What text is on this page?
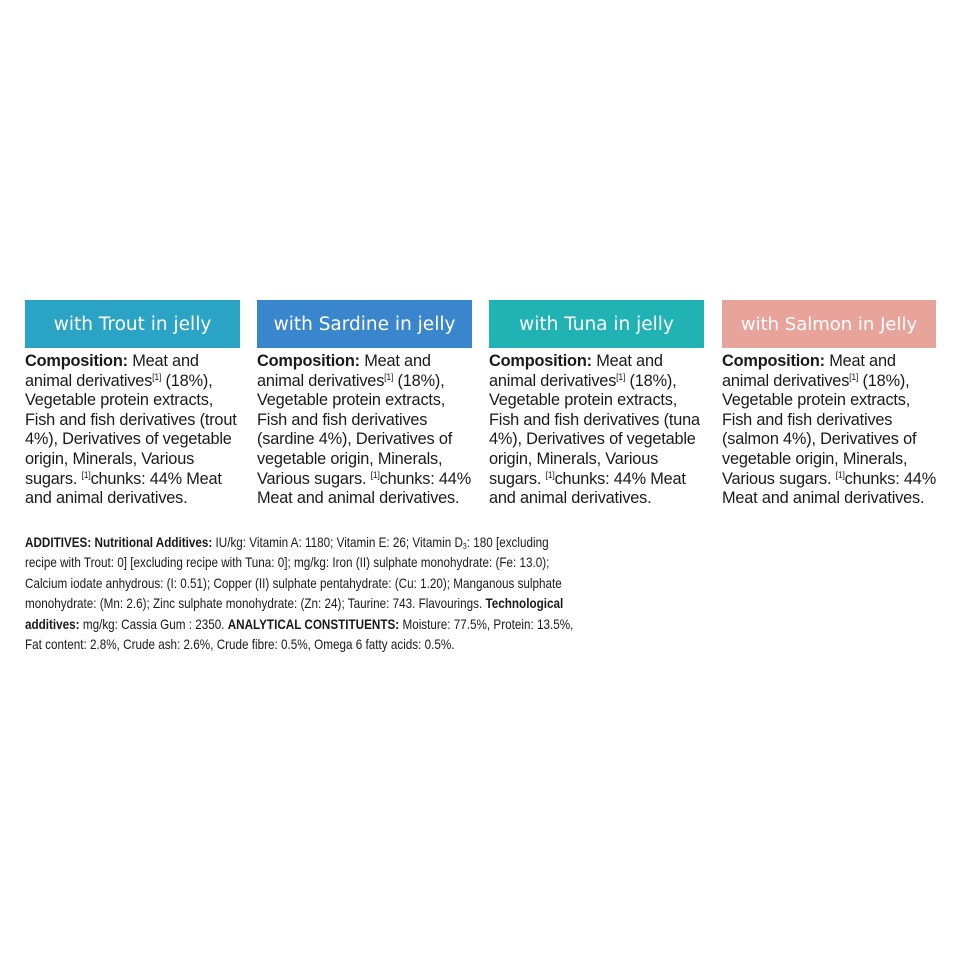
with Trout in jelly
Composition: Meat and animal derivatives[1] (18%), Vegetable protein extracts, Fish and fish derivatives (trout 4%), Derivatives of vegetable origin, Minerals, Various sugars. [1]chunks: 44% Meat and animal derivatives.
with Sardine in jelly
Composition: Meat and animal derivatives[1] (18%), Vegetable protein extracts, Fish and fish derivatives (sardine 4%), Derivatives of vegetable origin, Minerals, Various sugars. [1]chunks: 44% Meat and animal derivatives.
with Tuna in jelly
Composition: Meat and animal derivatives[1] (18%), Vegetable protein extracts, Fish and fish derivatives (tuna 4%), Derivatives of vegetable origin, Minerals, Various sugars. [1]chunks: 44% Meat and animal derivatives.
with Salmon in Jelly
Composition: Meat and animal derivatives[1] (18%), Vegetable protein extracts, Fish and fish derivatives (salmon 4%), Derivatives of vegetable origin, Minerals, Various sugars. [1]chunks: 44% Meat and animal derivatives.
ADDITIVES: Nutritional Additives: IU/kg: Vitamin A: 1180; Vitamin E: 26; Vitamin $D_3$: 180 [excluding recipe with Trout: 0] [excluding recipe with Tuna: 0]; mg/kg: Iron (II) sulphate monohydrate: (Fe: 13.0); Calcium iodate anhydrous: (I: 0.51); Copper (II) sulphate pentahydrate: (Cu: 1.20); Manganous sulphate monohydrate: (Mn: 2.6); Zinc sulphate monohydrate: (Zn: 24); Taurine: 743. Flavourings. Technological additives: mg/kg: Cassia Gum : 2350. ANALYTICAL CONSTITUENTS: Moisture: 77.5%, Protein: 13.5%, Fat content: 2.8%, Crude ash: 2.6%, Crude fibre: 0.5%, Omega 6 fatty acids: 0.5%.
